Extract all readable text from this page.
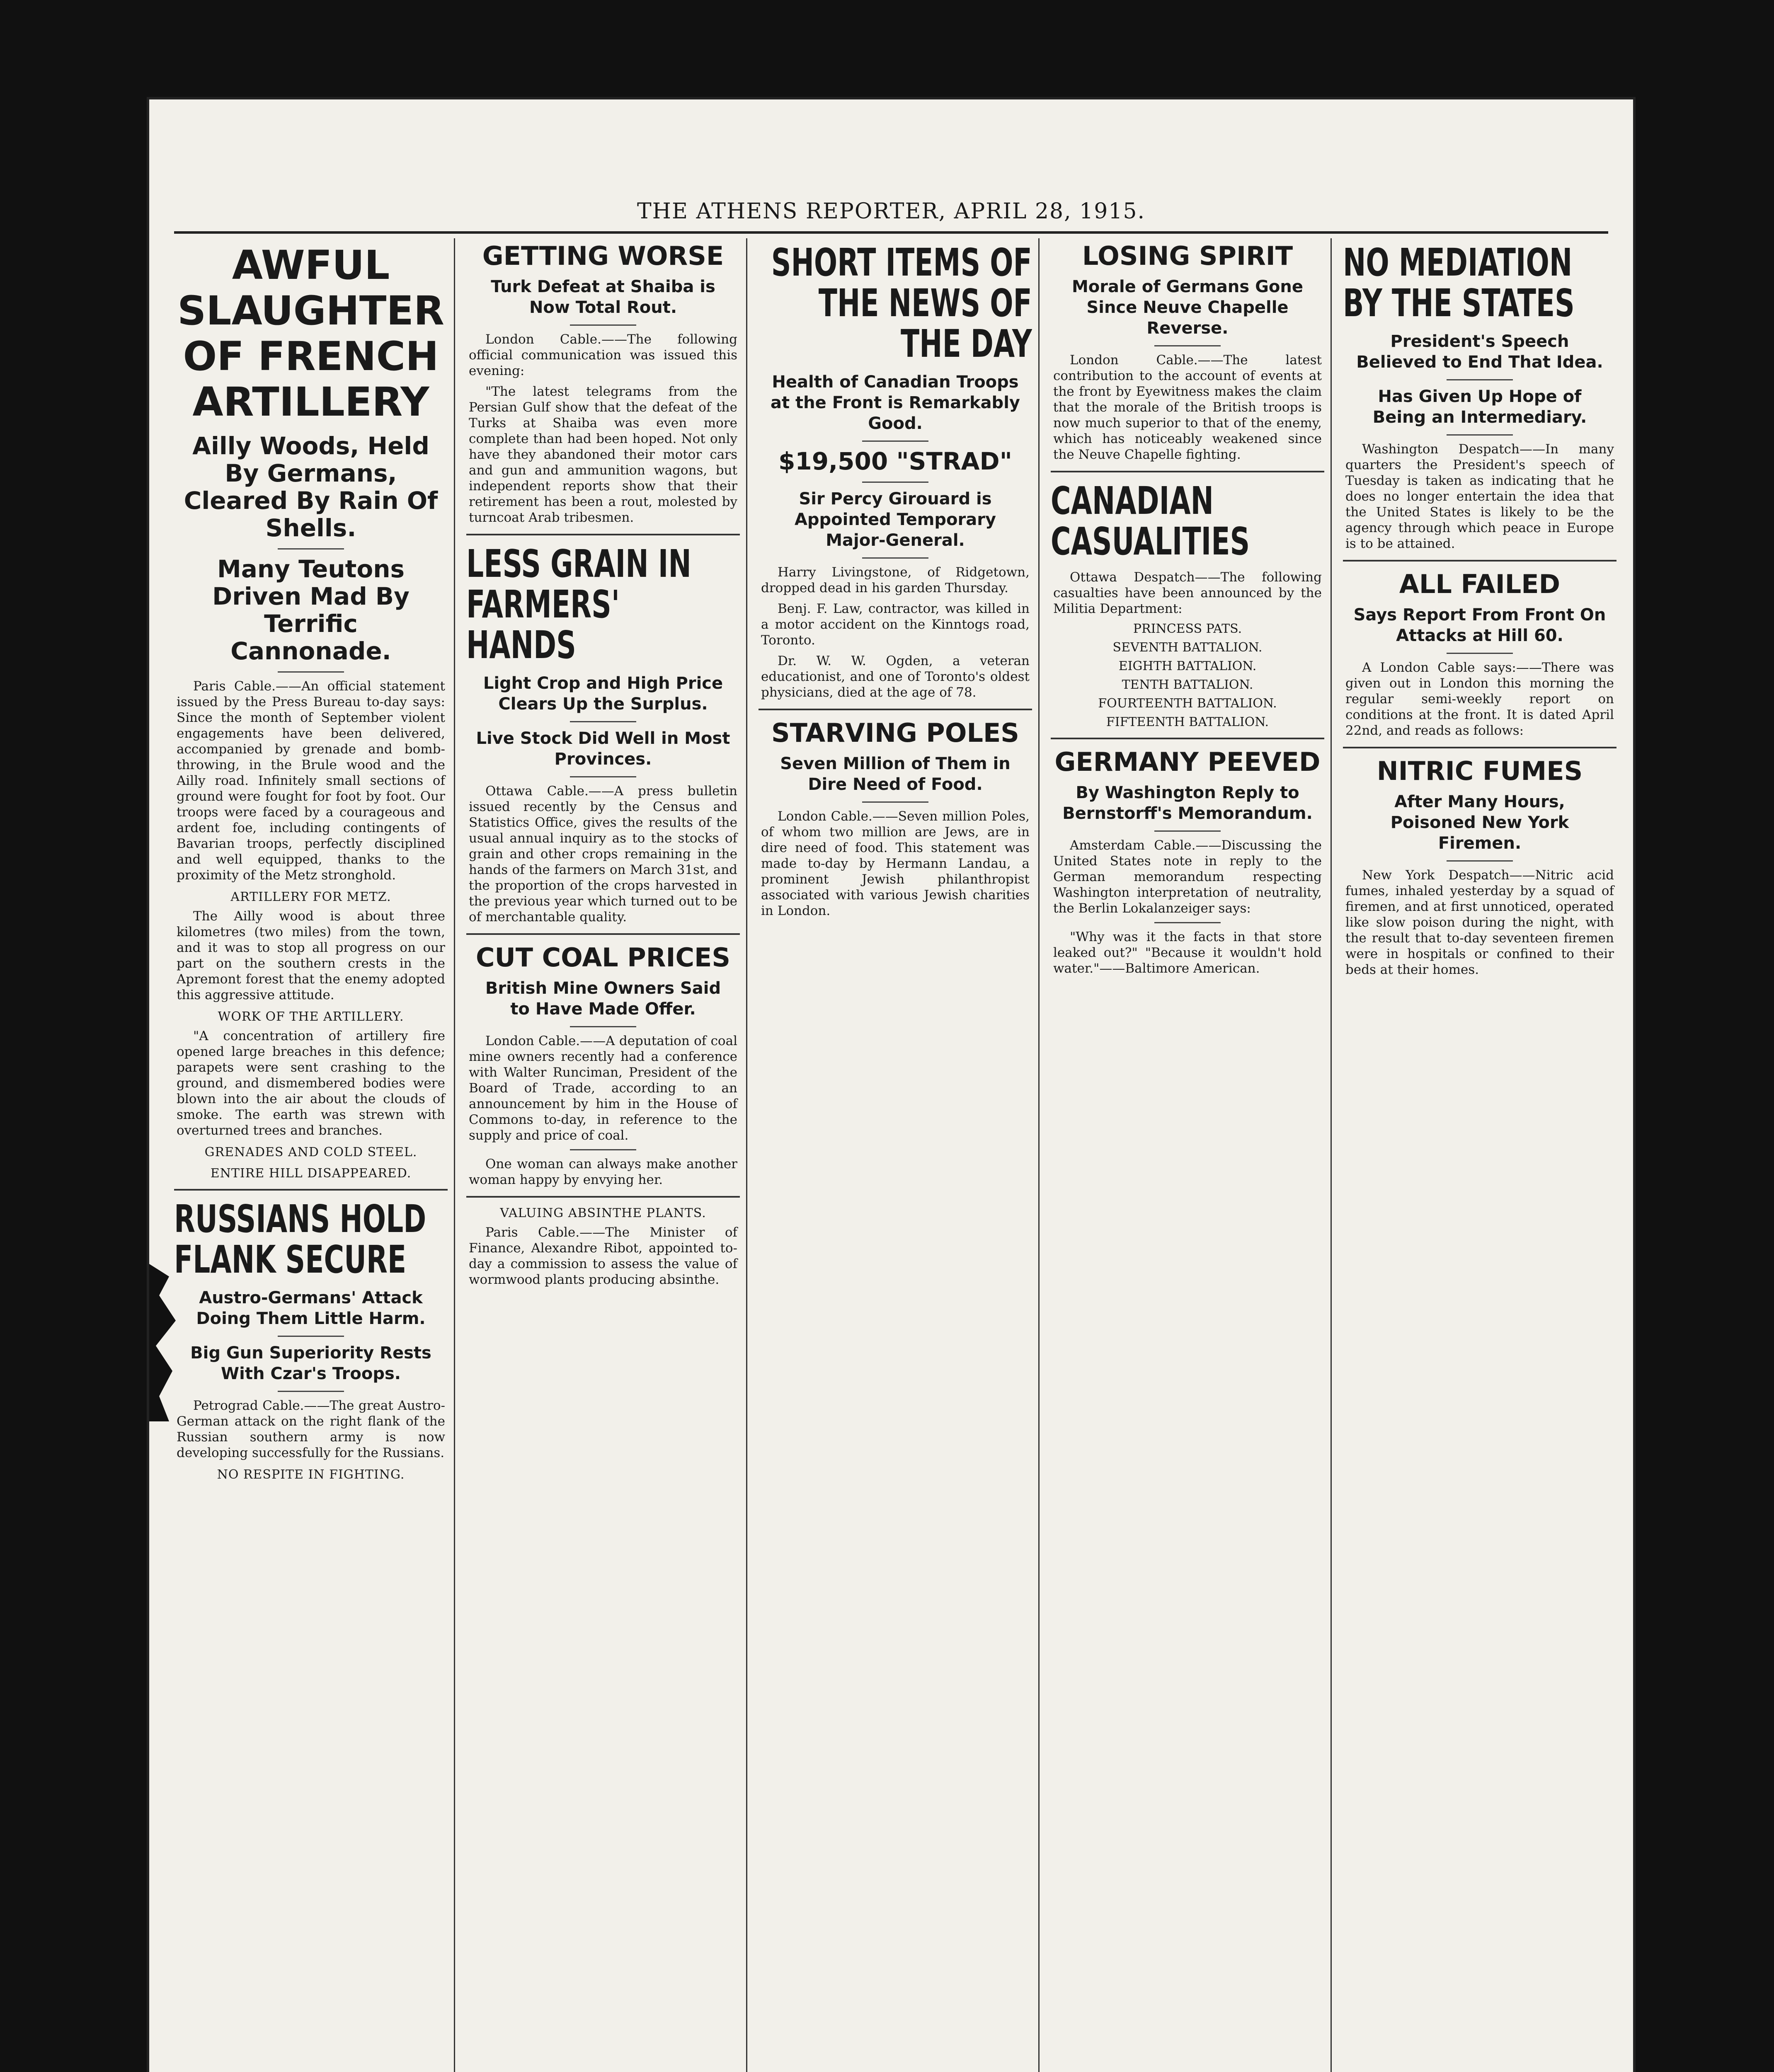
THE ATHENS REPORTER, APRIL 28, 1915.
AWFUL SLAUGHTER OF FRENCH ARTILLERY
Ailly Woods, Held By Germans, Cleared By Rain Of Shells.
Many Teutons Driven Mad By Terrific Cannonade.

Paris Cable.——An official statement issued by the Press Bureau to-day says: Since the month of September violent engagements have been delivered, accompanied by grenade and bomb-throwing, in the Brule wood and the Ailly road. Infinitely small sections of ground were fought for foot by foot. Our troops were faced by a courageous and ardent foe, including contingents of Bavarian troops, perfectly disciplined and well equipped, thanks to the proximity of the Metz stronghold.

ARTILLERY FOR METZ.

The Ailly wood is about three kilometres (two miles) from the town, and it was to stop all progress on our part on the southern crests in the Apremont forest that the enemy adopted this aggressive attitude.

WORK OF THE ARTILLERY.

"A concentration of artillery fire opened large breaches in this defence; parapets were sent crashing to the ground, and dismembered bodies were blown into the air about the clouds of smoke. The earth was strewn with overturned trees and branches.

GRENADES AND COLD STEEL.
ENTIRE HILL DISAPPEARED.
RUSSIANS HOLD FLANK SECURE
Austro-Germans' Attack Doing Them Little Harm.
Big Gun Superiority Rests With Czar's Troops.

Petrograd Cable.——The great Austro-German attack on the right flank of the Russian southern army is now developing successfully for the Russians.

NO RESPITE IN FIGHTING.
GETTING WORSE
Turk Defeat at Shaiba is Now Total Rout.

London Cable.——The following official communication was issued this evening:

"The latest telegrams from the Persian Gulf show that the defeat of the Turks at Shaiba was even more complete than had been hoped. Not only have they abandoned their motor cars and gun and ammunition wagons, but independent reports show that their retirement has been a rout, molested by turncoat Arab tribesmen.

LESS GRAIN IN FARMERS' HANDS
Light Crop and High Price Clears Up the Surplus.
Live Stock Did Well in Most Provinces.

Ottawa Cable.——A press bulletin issued recently by the Census and Statistics Office, gives the results of the usual annual inquiry as to the stocks of grain and other crops remaining in the hands of the farmers on March 31st, and the proportion of the crops harvested in the previous year which turned out to be of merchantable quality.

CUT COAL PRICES
British Mine Owners Said to Have Made Offer.

London Cable.——A deputation of coal mine owners recently had a conference with Walter Runciman, President of the Board of Trade, according to an announcement by him in the House of Commons to-day, in reference to the supply and price of coal.

One woman can always make another woman happy by envying her.

VALUING ABSINTHE PLANTS.

Paris Cable.——The Minister of Finance, Alexandre Ribot, appointed to-day a commission to assess the value of wormwood plants producing absinthe.

SHORT ITEMS OF THE NEWS OF THE DAY
Health of Canadian Troops at the Front is Remarkably Good.
$19,500 "STRAD"
Sir Percy Girouard is Appointed Temporary Major-General.

Harry Livingstone, of Ridgetown, dropped dead in his garden Thursday.

Benj. F. Law, contractor, was killed in a motor accident on the Kinntogs road, Toronto.

Dr. W. W. Ogden, a veteran educationist, and one of Toronto's oldest physicians, died at the age of 78.

STARVING POLES
Seven Million of Them in Dire Need of Food.

London Cable.——Seven million Poles, of whom two million are Jews, are in dire need of food. This statement was made to-day by Hermann Landau, a prominent Jewish philanthropist associated with various Jewish charities in London.

LOSING SPIRIT
Morale of Germans Gone Since Neuve Chapelle Reverse.

London Cable.——The latest contribution to the account of events at the front by Eyewitness makes the claim that the morale of the British troops is now much superior to that of the enemy, which has noticeably weakened since the Neuve Chapelle fighting.

CANADIAN CASUALITIES

Ottawa Despatch——The following casualties have been announced by the Militia Department:

PRINCESS PATS.
SEVENTH BATTALION.
EIGHTH BATTALION.
TENTH BATTALION.
FOURTEENTH BATTALION.
FIFTEENTH BATTALION.
GERMANY PEEVED
By Washington Reply to Bernstorff's Memorandum.

Amsterdam Cable.——Discussing the United States note in reply to the German memorandum respecting Washington interpretation of neutrality, the Berlin Lokalanzeiger says:

"Why was it the facts in that store leaked out?" "Because it wouldn't hold water."——Baltimore American.

NO MEDIATION BY THE STATES
President's Speech Believed to End That Idea.
Has Given Up Hope of Being an Intermediary.

Washington Despatch——In many quarters the President's speech of Tuesday is taken as indicating that he does no longer entertain the idea that the United States is likely to be the agency through which peace in Europe is to be attained.

ALL FAILED
Says Report From Front On Attacks at Hill 60.

A London Cable says:——There was given out in London this morning the regular semi-weekly report on conditions at the front. It is dated April 22nd, and reads as follows:

NITRIC FUMES
After Many Hours, Poisoned New York Firemen.

New York Despatch——Nitric acid fumes, inhaled yesterday by a squad of firemen, and at first unnoticed, operated like slow poison during the night, with the result that to-day seventeen firemen were in hospitals or confined to their beds at their homes.
